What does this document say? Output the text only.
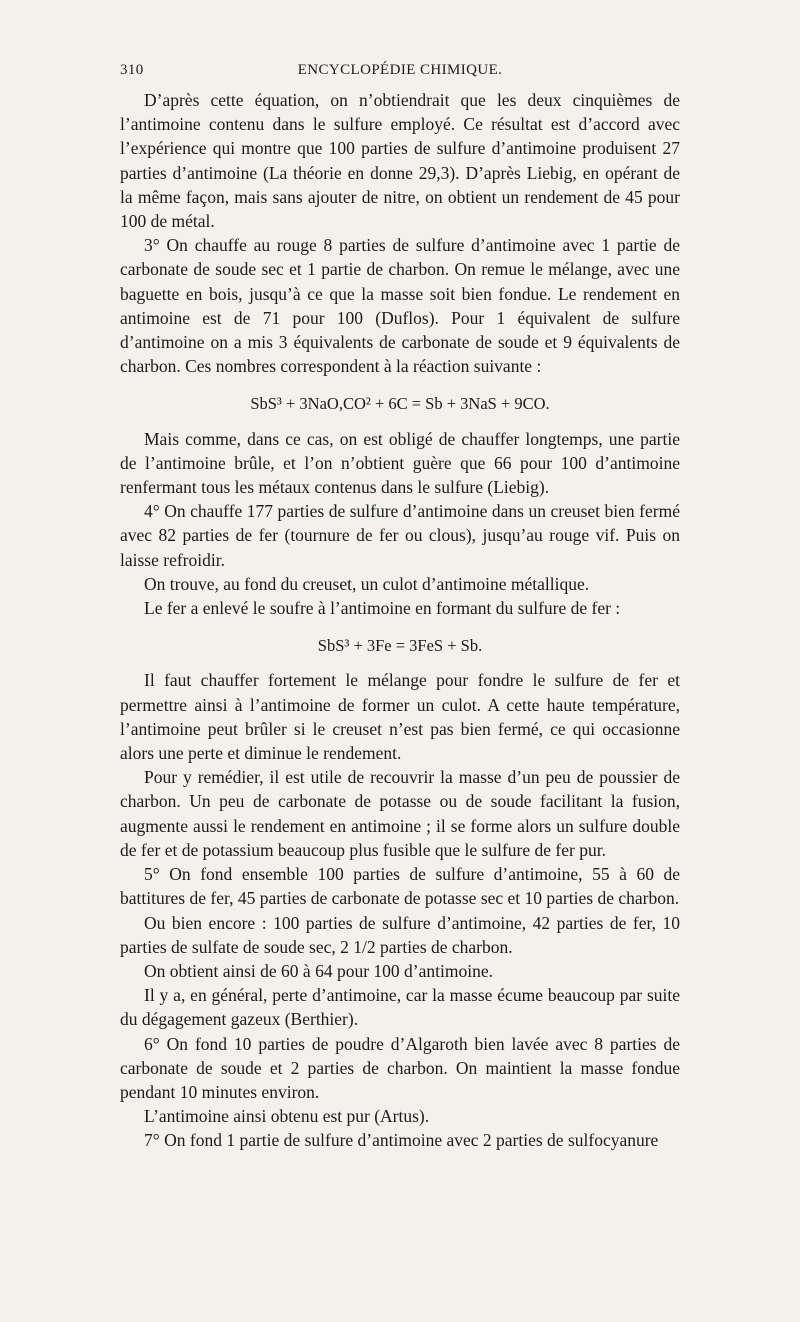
310	ENCYCLOPÉDIE CHIMIQUE.

D’après cette équation, on n’obtiendrait que les deux cinquièmes de l’antimoine contenu dans le sulfure employé. Ce résultat est d’accord avec l’expérience qui montre que 100 parties de sulfure d’antimoine produisent 27 parties d’antimoine (La théorie en donne 29,3). D’après Liebig, en opérant de la même façon, mais sans ajouter de nitre, on obtient un rendement de 45 pour 100 de métal.

3° On chauffe au rouge 8 parties de sulfure d’antimoine avec 1 partie de carbonate de soude sec et 1 partie de charbon. On remue le mélange, avec une baguette en bois, jusqu’à ce que la masse soit bien fondue. Le rendement en antimoine est de 71 pour 100 (Duflos). Pour 1 équivalent de sulfure d’antimoine on a mis 3 équivalents de carbonate de soude et 9 équivalents de charbon. Ces nombres correspondent à la réaction suivante :

SbS³ + 3NaO,CO² + 6C = Sb + 3NaS + 9CO.

Mais comme, dans ce cas, on est obligé de chauffer longtemps, une partie de l’antimoine brûle, et l’on n’obtient guère que 66 pour 100 d’antimoine renfermant tous les métaux contenus dans le sulfure (Liebig).

4° On chauffe 177 parties de sulfure d’antimoine dans un creuset bien fermé avec 82 parties de fer (tournure de fer ou clous), jusqu’au rouge vif. Puis on laisse refroidir.

On trouve, au fond du creuset, un culot d’antimoine métallique.

Le fer a enlevé le soufre à l’antimoine en formant du sulfure de fer :

SbS³ + 3Fe = 3FeS + Sb.

Il faut chauffer fortement le mélange pour fondre le sulfure de fer et permettre ainsi à l’antimoine de former un culot. A cette haute température, l’antimoine peut brûler si le creuset n’est pas bien fermé, ce qui occasionne alors une perte et diminue le rendement.

Pour y remédier, il est utile de recouvrir la masse d’un peu de poussier de charbon. Un peu de carbonate de potasse ou de soude facilitant la fusion, augmente aussi le rendement en antimoine ; il se forme alors un sulfure double de fer et de potassium beaucoup plus fusible que le sulfure de fer pur.

5° On fond ensemble 100 parties de sulfure d’antimoine, 55 à 60 de battitures de fer, 45 parties de carbonate de potasse sec et 10 parties de charbon.

Ou bien encore : 100 parties de sulfure d’antimoine, 42 parties de fer, 10 parties de sulfate de soude sec, 2 1/2 parties de charbon.

On obtient ainsi de 60 à 64 pour 100 d’antimoine.

Il y a, en général, perte d’antimoine, car la masse écume beaucoup par suite du dégagement gazeux (Berthier).

6° On fond 10 parties de poudre d’Algaroth bien lavée avec 8 parties de carbonate de soude et 2 parties de charbon. On maintient la masse fondue pendant 10 minutes environ.

L’antimoine ainsi obtenu est pur (Artus).

7° On fond 1 partie de sulfure d’antimoine avec 2 parties de sulfocyanure
